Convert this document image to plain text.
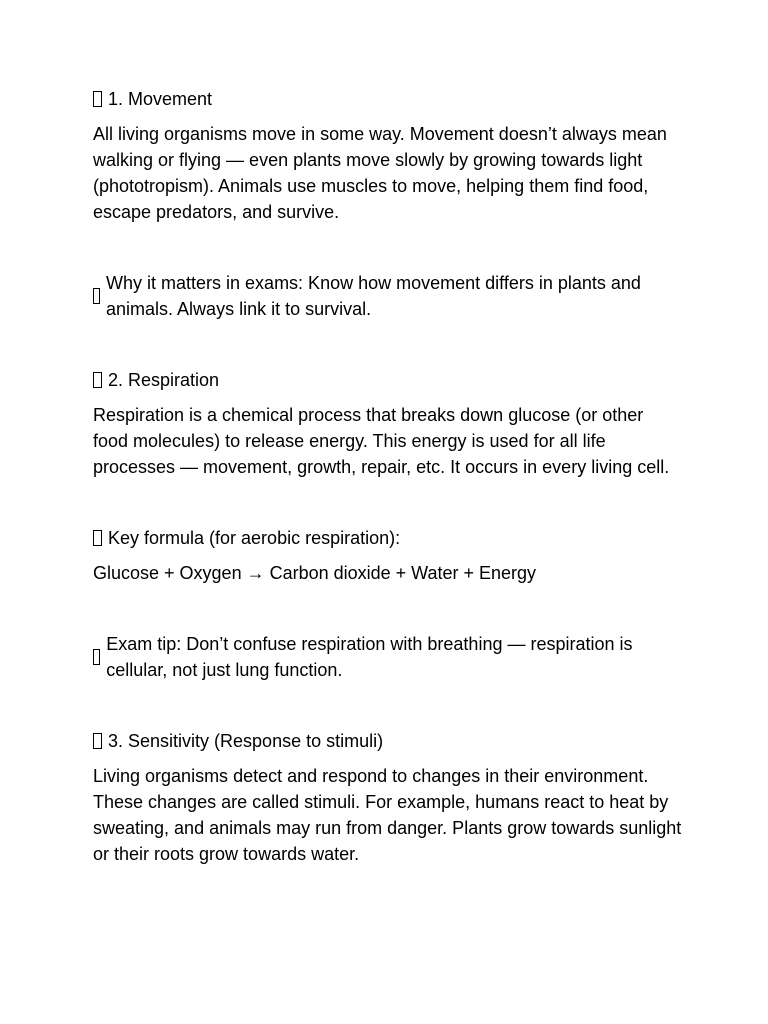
1. Movement

All living organisms move in some way. Movement doesn’t always mean walking or flying — even plants move slowly by growing towards light (phototropism). Animals use muscles to move, helping them find food, escape predators, and survive.

Why it matters in exams: Know how movement differs in plants and animals. Always link it to survival.

2. Respiration

Respiration is a chemical process that breaks down glucose (or other food molecules) to release energy. This energy is used for all life processes — movement, growth, repair, etc. It occurs in every living cell.

Key formula (for aerobic respiration):

Glucose + Oxygen → Carbon dioxide + Water + Energy

Exam tip: Don’t confuse respiration with breathing — respiration is cellular, not just lung function.

3. Sensitivity (Response to stimuli)

Living organisms detect and respond to changes in their environment. These changes are called stimuli. For example, humans react to heat by sweating, and animals may run from danger. Plants grow towards sunlight or their roots grow towards water.
